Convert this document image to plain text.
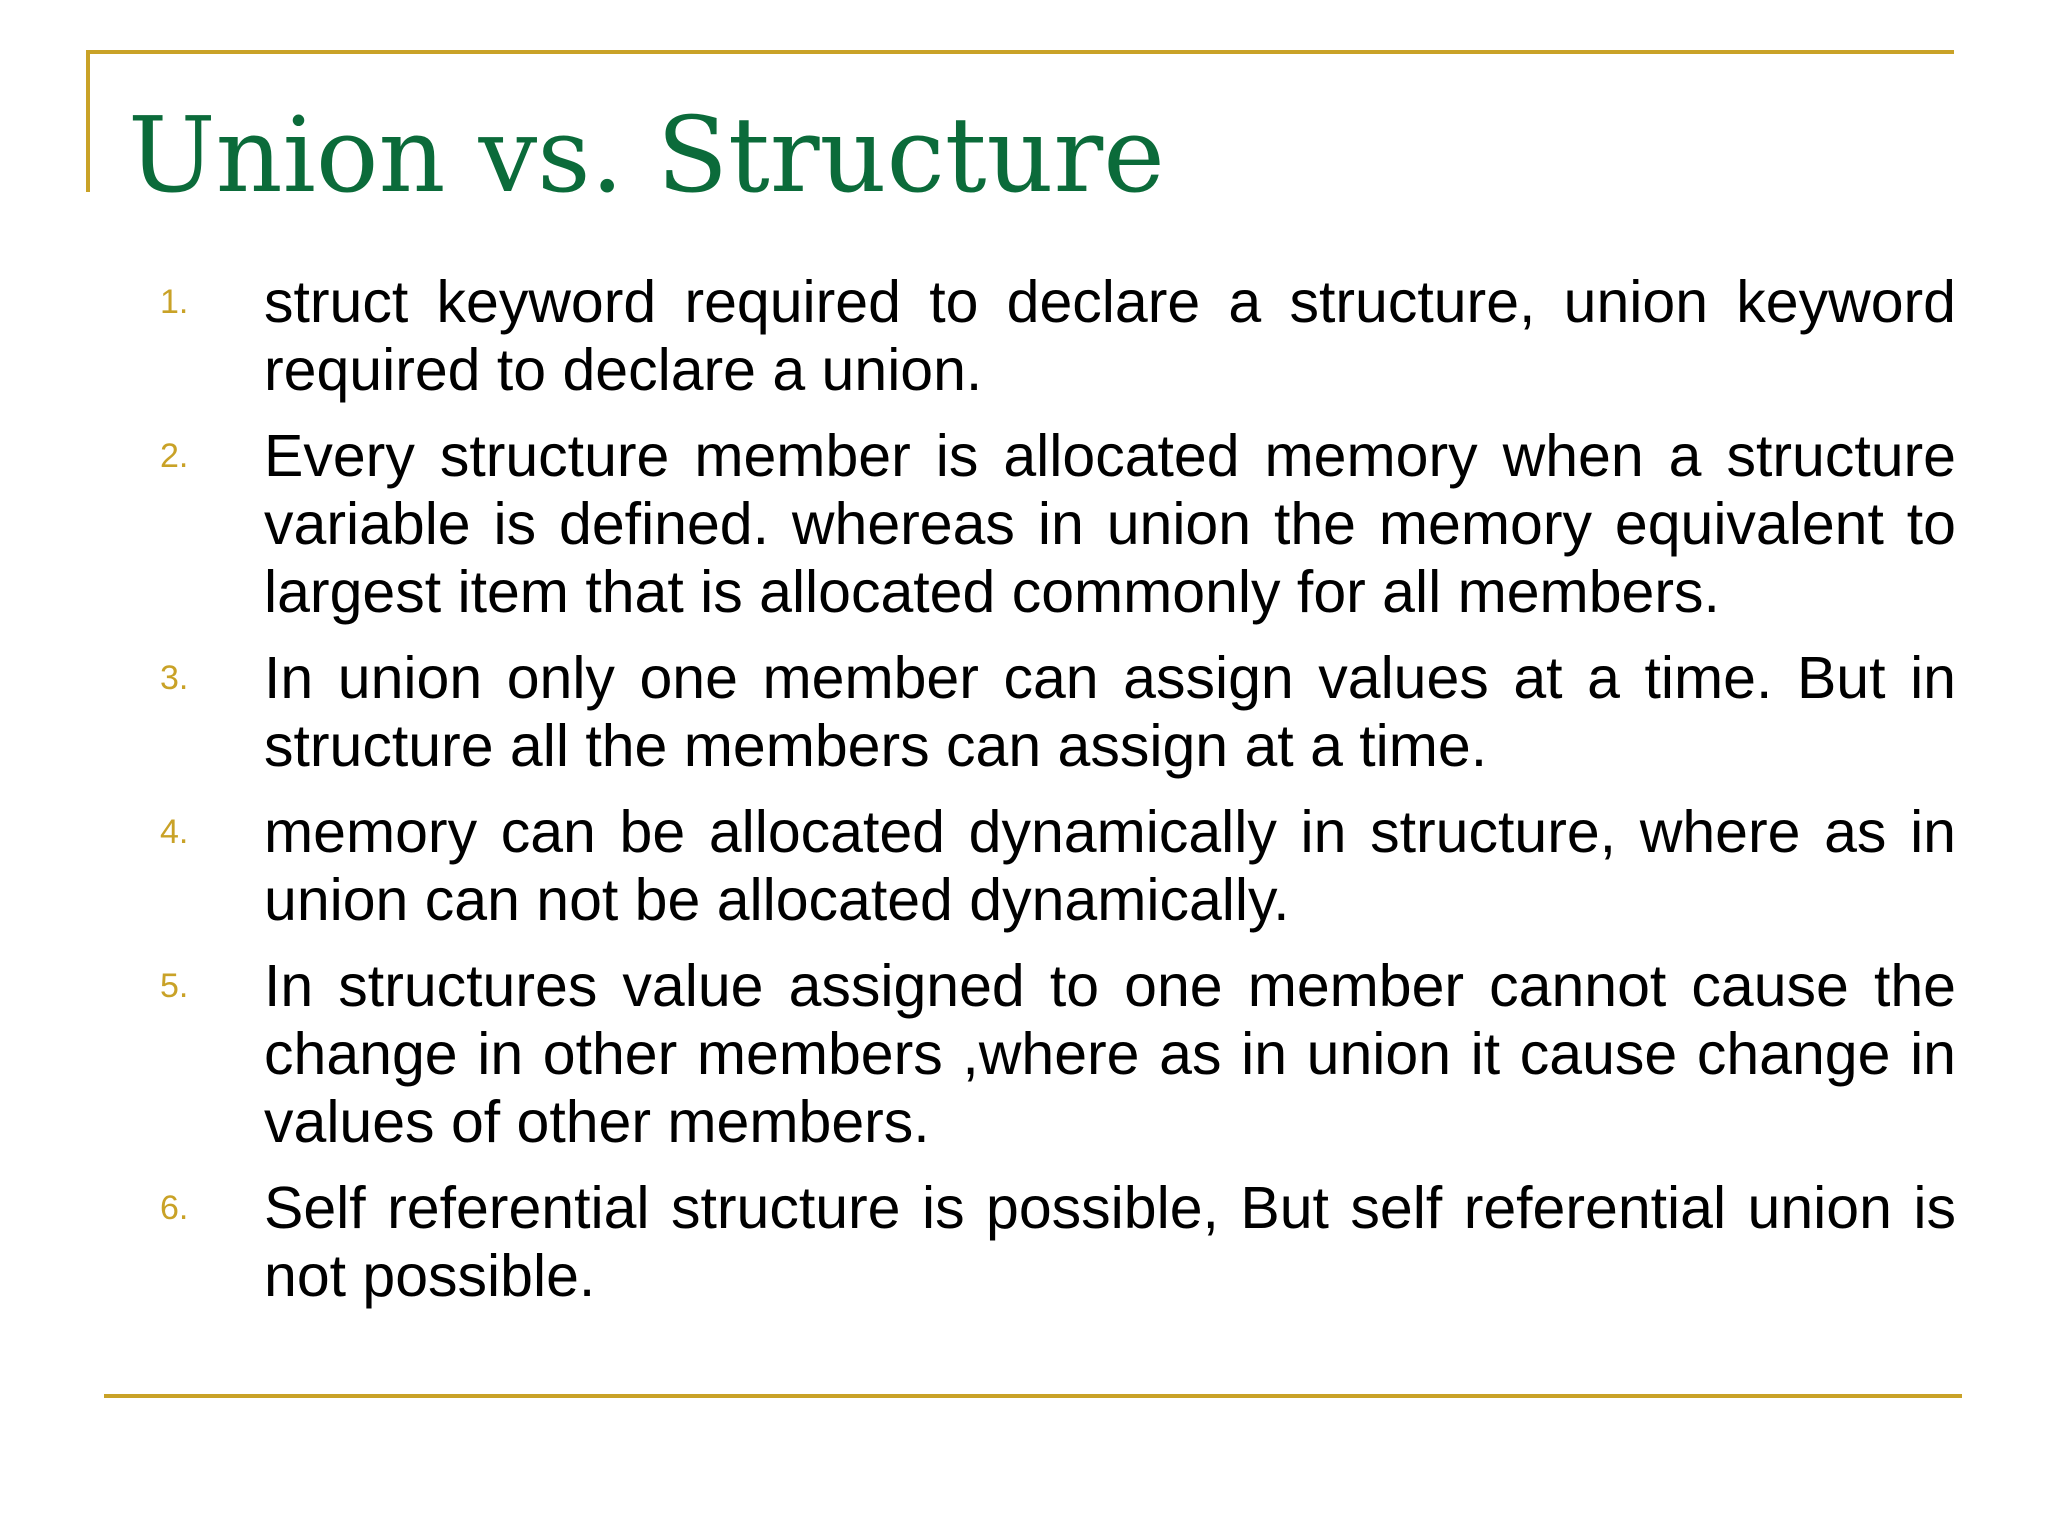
Union vs. Structure
1.	struct keyword required to declare a structure, union keyword required to declare a union.
2.	Every structure member is allocated memory when a structure variable is defined. whereas in union the memory equivalent to largest item that is allocated commonly for all members.
3.	In union only one member can assign values at a time. But in structure all the members can assign at a time.
4.	memory can be allocated dynamically in structure, where as in union can not be allocated dynamically.
5.	In structures value assigned to one member cannot cause the change in other members ,where as in union it cause change in values of other members.
6.	Self referential structure is possible, But self referential union is not possible.
